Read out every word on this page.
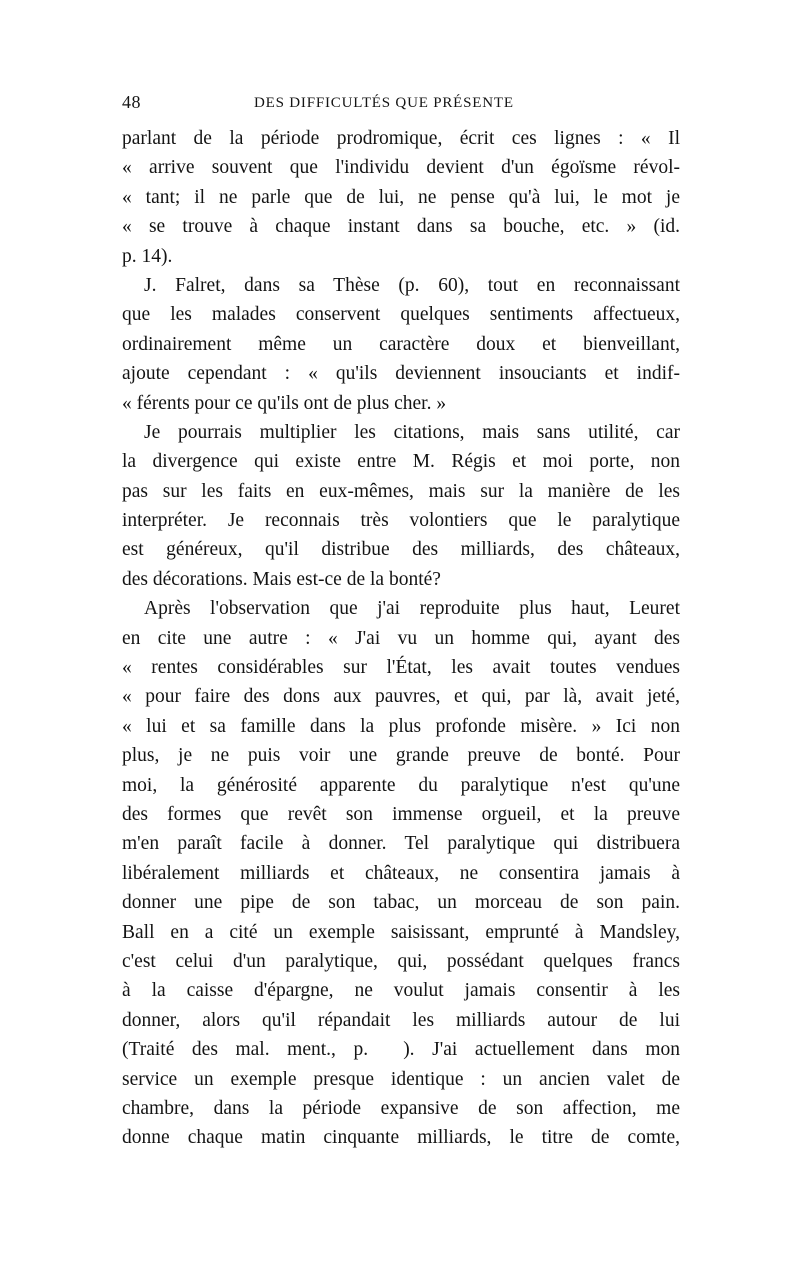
48	DES DIFFICULTÉS QUE PRÉSENTE
parlant de la période prodromique, écrit ces lignes : « Il
« arrive souvent que l'individu devient d'un égoïsme révol-
« tant; il ne parle que de lui, ne pense qu'à lui, le mot je
« se trouve à chaque instant dans sa bouche, etc. » (id.
p. 14).
J. Falret, dans sa Thèse (p. 60), tout en reconnaissant
que les malades conservent quelques sentiments affectueux,
ordinairement même un caractère doux et bienveillant,
ajoute cependant : « qu'ils deviennent insouciants et indif-
« férents pour ce qu'ils ont de plus cher. »
Je pourrais multiplier les citations, mais sans utilité, car
la divergence qui existe entre M. Régis et moi porte, non
pas sur les faits en eux-mêmes, mais sur la manière de les
interpréter. Je reconnais très volontiers que le paralytique
est généreux, qu'il distribue des milliards, des châteaux,
des décorations. Mais est-ce de la bonté?
Après l'observation que j'ai reproduite plus haut, Leuret
en cite une autre : « J'ai vu un homme qui, ayant des
« rentes considérables sur l'État, les avait toutes vendues
« pour faire des dons aux pauvres, et qui, par là, avait jeté,
« lui et sa famille dans la plus profonde misère. » Ici non
plus, je ne puis voir une grande preuve de bonté. Pour
moi, la générosité apparente du paralytique n'est qu'une
des formes que revêt son immense orgueil, et la preuve
m'en paraît facile à donner. Tel paralytique qui distribuera
libéralement milliards et châteaux, ne consentira jamais à
donner une pipe de son tabac, un morceau de son pain.
Ball en a cité un exemple saisissant, emprunté à Mandsley,
c'est celui d'un paralytique, qui, possédant quelques francs
à la caisse d'épargne, ne voulut jamais consentir à les
donner, alors qu'il répandait les milliards autour de lui
(Traité des mal. ment., p.  ). J'ai actuellement dans mon
service un exemple presque identique : un ancien valet de
chambre, dans la période expansive de son affection, me
donne chaque matin cinquante milliards, le titre de comte,
